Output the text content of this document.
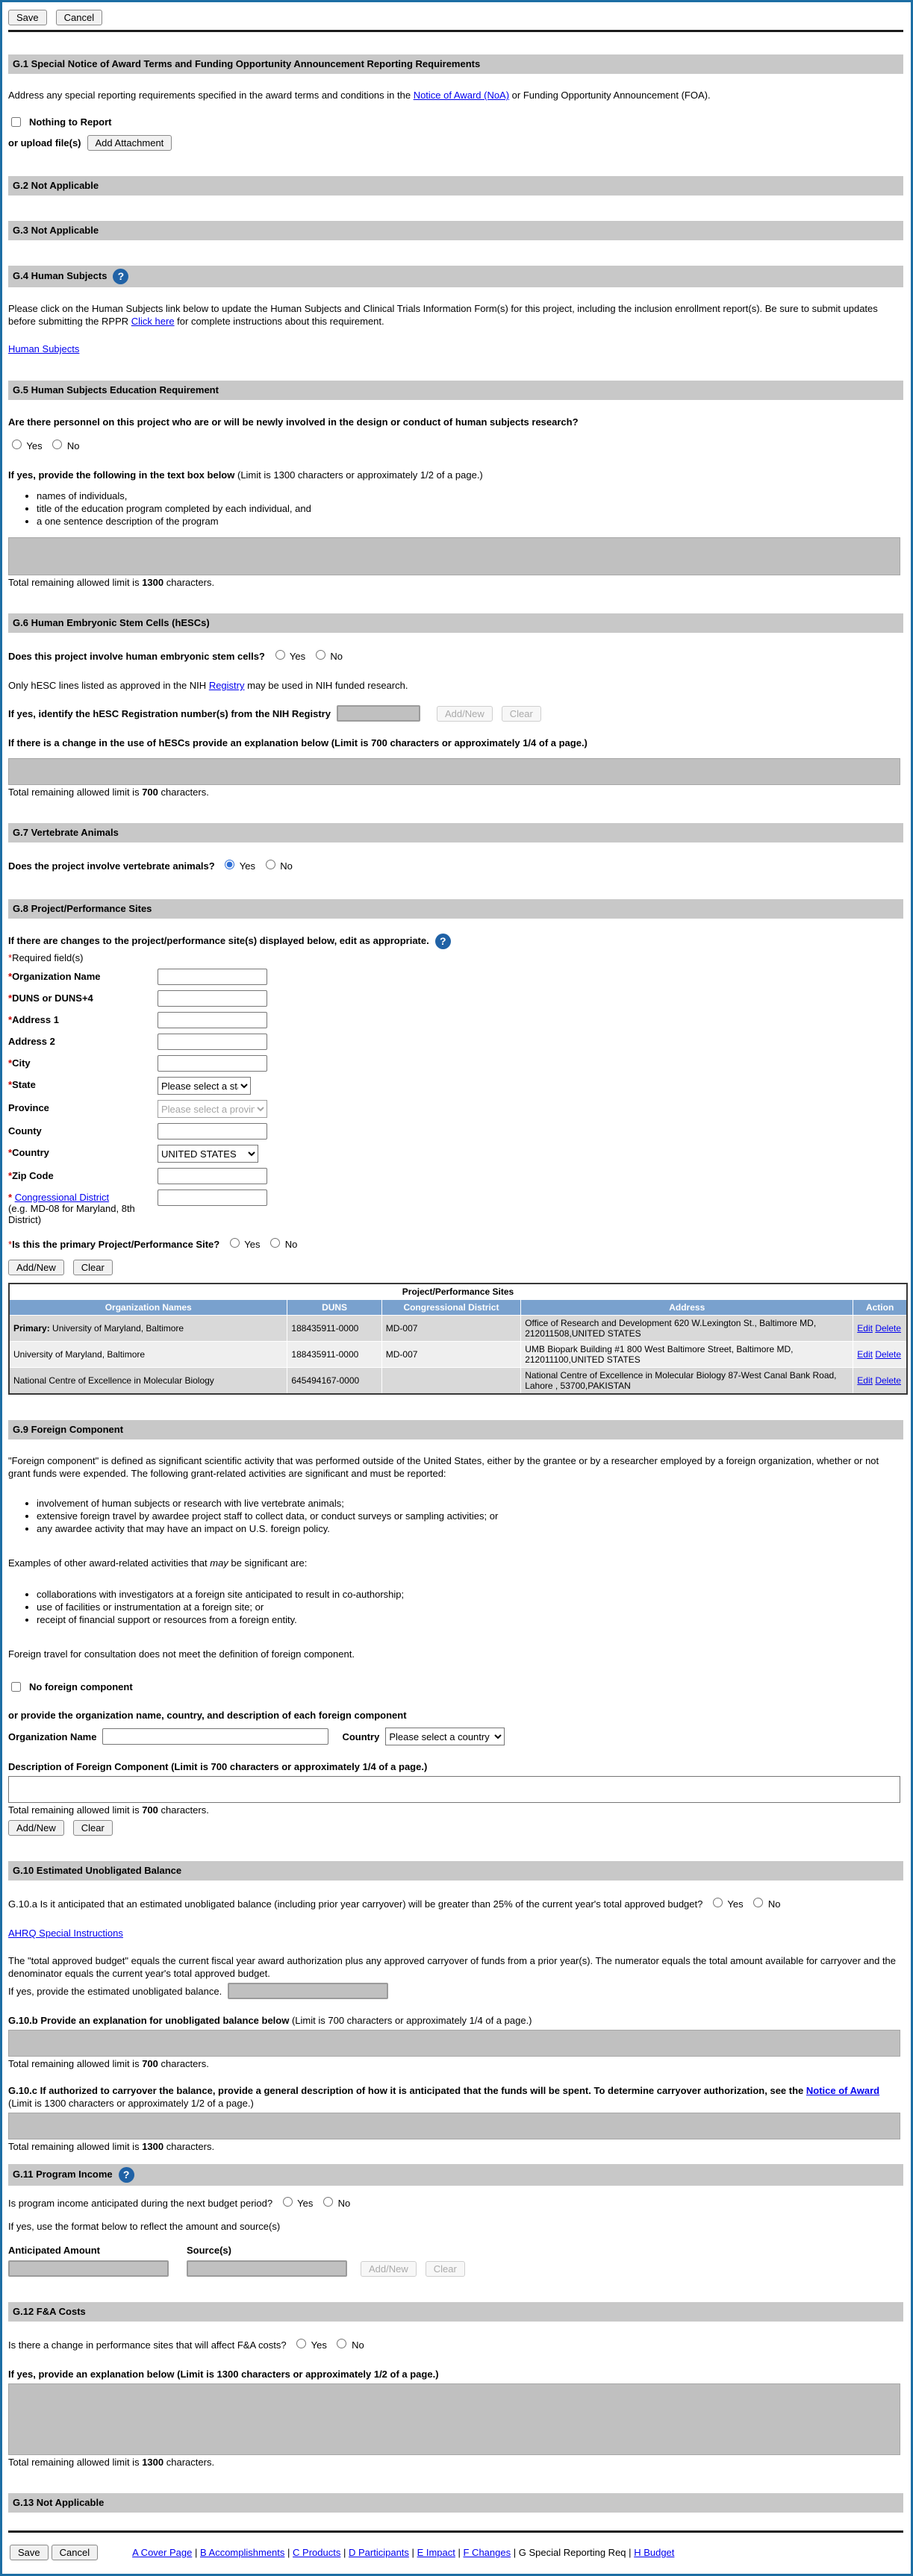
Save	Cancel
G.1 Special Notice of Award Terms and Funding Opportunity Announcement Reporting Requirements

Address any special reporting requirements specified in the award terms and conditions in the Notice of Award (NoA) or Funding Opportunity Announcement (FOA).

Nothing to Report
or upload file(s)	Add Attachment
G.2 Not Applicable
G.3 Not Applicable
G.4 Human Subjects ?

Please click on the Human Subjects link below to update the Human Subjects and Clinical Trials Information Form(s) for this project, including the inclusion enrollment report(s). Be sure to submit updates before submitting the RPPR Click here for complete instructions about this requirement.

Human Subjects

G.5 Human Subjects Education Requirement
Are there personnel on this project who are or will be newly involved in the design or conduct of human subjects research?
Yes	No

If yes, provide the following in the text box below (Limit is 1300 characters or approximately 1/2 of a page.)

• names of individuals,
• title of the education program completed by each individual, and
• a one sentence description of the program
Total remaining allowed limit is 1300 characters.
G.6 Human Embryonic Stem Cells (hESCs)
Does this project involve human embryonic stem cells?	Yes	No

Only hESC lines listed as approved in the NIH Registry may be used in NIH funded research.

If yes, identify the hESC Registration number(s) from the NIH Registry	Add/New	Clear

If there is a change in the use of hESCs provide an explanation below (Limit is 700 characters or approximately 1/4 of a page.)

Total remaining allowed limit is 700 characters.
G.7 Vertebrate Animals
Does the project involve vertebrate animals?	Yes	No
G.8 Project/Performance Sites

If there are changes to the project/performance site(s) displayed below, edit as appropriate. ?

*Required field(s)
*Organization Name
*DUNS or DUNS+4
*Address 1
Address 2
*City
*State
Please select a state
Province
Please select a province
County
*Country
UNITED STATES
*Zip Code
* Congressional District
(e.g. MD-08 for Maryland, 8th District)
*Is this the primary Project/Performance Site?	Yes	No
Add/New	Clear
Project/Performance Sites				
Organization Names	DUNS	Congressional District	Address	Action
Primary: University of Maryland, Baltimore	188435911-0000	MD-007	Office of Research and Development 620 W.Lexington St., Baltimore MD, 212011508,UNITED STATES	Edit Delete
University of Maryland, Baltimore	188435911-0000	MD-007	UMB Biopark Building #1 800 West Baltimore Street, Baltimore MD, 212011100,UNITED STATES	Edit Delete
National Centre of Excellence in Molecular Biology	645494167-0000		National Centre of Excellence in Molecular Biology 87-West Canal Bank Road, Lahore , 53700,PAKISTAN	Edit Delete
G.9 Foreign Component

"Foreign component" is defined as significant scientific activity that was performed outside of the United States, either by the grantee or by a researcher employed by a foreign organization, whether or not grant funds were expended. The following grant-related activities are significant and must be reported:

• involvement of human subjects or research with live vertebrate animals;
• extensive foreign travel by awardee project staff to collect data, or conduct surveys or sampling activities; or
• any awardee activity that may have an impact on U.S. foreign policy.

Examples of other award-related activities that may be significant are:

• collaborations with investigators at a foreign site anticipated to result in co-authorship;
• use of facilities or instrumentation at a foreign site; or
• receipt of financial support or resources from a foreign entity.

Foreign travel for consultation does not meet the definition of foreign component.

No foreign component

or provide the organization name, country, and description of each foreign component

Organization Name	Country
Please select a country

Description of Foreign Component (Limit is 700 characters or approximately 1/4 of a page.)

Total remaining allowed limit is 700 characters.
Add/New	Clear
G.10 Estimated Unobligated Balance
G.10.a Is it anticipated that an estimated unobligated balance (including prior year carryover) will be greater than 25% of the current year's total approved budget?	Yes	No

AHRQ Special Instructions

The "total approved budget" equals the current fiscal year award authorization plus any approved carryover of funds from a prior year(s). The numerator equals the total amount available for carryover and the denominator equals the current year's total approved budget.

If yes, provide the estimated unobligated balance.

G.10.b Provide an explanation for unobligated balance below (Limit is 700 characters or approximately 1/4 of a page.)

Total remaining allowed limit is 700 characters.

G.10.c If authorized to carryover the balance, provide a general description of how it is anticipated that the funds will be spent. To determine carryover authorization, see the Notice of Award (Limit is 1300 characters or approximately 1/2 of a page.)

Total remaining allowed limit is 1300 characters.
G.11 Program Income ?
Is program income anticipated during the next budget period?	Yes	No

If yes, use the format below to reflect the amount and source(s)

Anticipated Amount	Source(s)
Add/New	Clear
G.12 F&A Costs
Is there a change in performance sites that will affect F&A costs?	Yes	No

If yes, provide an explanation below (Limit is 1300 characters or approximately 1/2 of a page.)

Total remaining allowed limit is 1300 characters.
G.13 Not Applicable
Save	Cancel	A Cover Page | B Accomplishments | C Products | D Participants | E Impact | F Changes | G Special Reporting Req | H Budget
